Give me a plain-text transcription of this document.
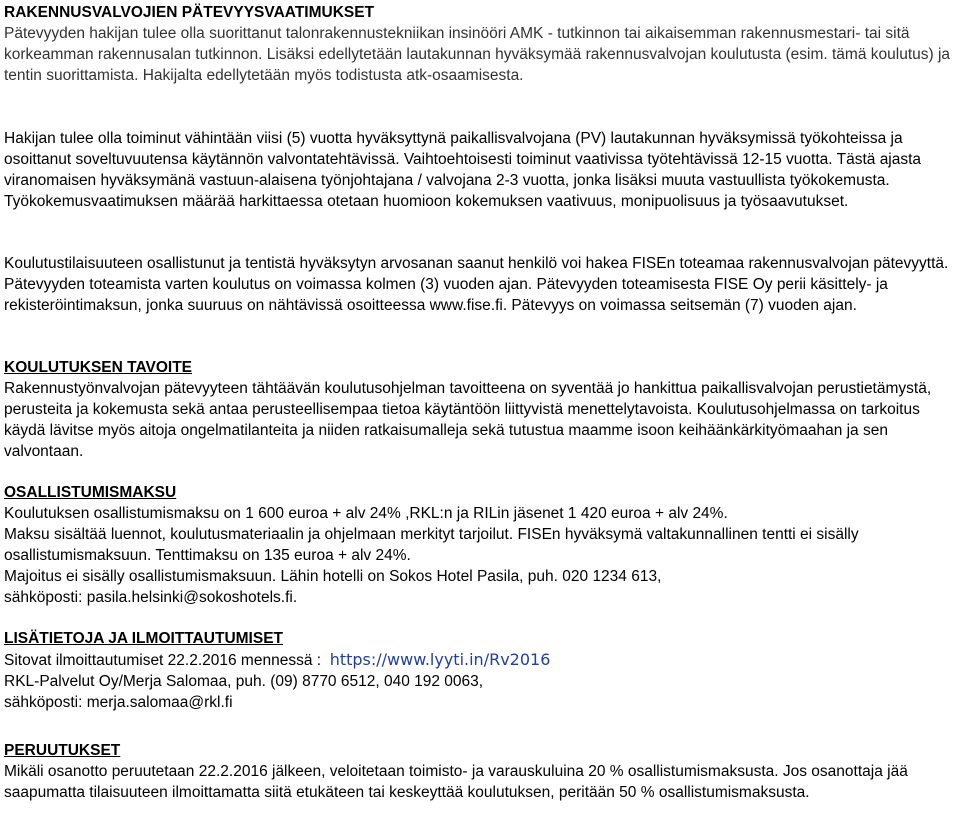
RAKENNUSVALVOJIEN PÄTEVYYSVAATIMUKSET

Pätevyyden hakijan tulee olla suorittanut talonrakennustekniikan insinööri AMK - tutkinnon tai aikaisemman rakennusmestari- tai sitä korkeamman rakennusalan tutkinnon. Lisäksi edellytetään lautakunnan hyväksymää rakennusvalvojan koulutusta (esim. tämä koulutus) ja tentin suorittamista. Hakijalta edellytetään myös todistusta atk-osaamisesta.

Hakijan tulee olla toiminut vähintään viisi (5) vuotta hyväksyttynä paikallisvalvojana (PV) lautakunnan hyväksymissä työkohteissa ja osoittanut soveltuvuutensa käytännön valvontatehtävissä. Vaihtoehtoisesti toiminut vaativissa työtehtävissä 12-15 vuotta. Tästä ajasta viranomaisen hyväksymänä vastuun-alaisena työnjohtajana / valvojana 2-3 vuotta, jonka lisäksi muuta vastuullista työkokemusta. Työkokemusvaatimuksen määrää harkittaessa otetaan huomioon kokemuksen vaativuus, monipuolisuus ja työsaavutukset.

Koulutustilaisuuteen osallistunut ja tentistä hyväksytyn arvosanan saanut henkilö voi hakea FISEn toteamaa rakennusvalvojan pätevyyttä. Pätevyyden toteamista varten koulutus on voimassa kolmen (3) vuoden ajan. Pätevyyden toteamisesta FISE Oy perii käsittely- ja rekisteröintimaksun, jonka suuruus on nähtävissä osoitteessa www.fise.fi. Pätevyys on voimassa seitsemän (7) vuoden ajan.

KOULUTUKSEN TAVOITE

Rakennustyönvalvojan pätevyyteen tähtäävän koulutusohjelman tavoitteena on syventää jo hankittua paikallisvalvojan perustietämystä, perusteita ja kokemusta sekä antaa perusteellisempaa tietoa käytäntöön liittyvistä menettelytavoista. Koulutusohjelmassa on tarkoitus käydä lävitse myös aitoja ongelmatilanteita ja niiden ratkaisumalleja sekä tutustua maamme isoon keihäänkärkityömaahan ja sen valvontaan.

OSALLISTUMISMAKSU

Koulutuksen osallistumismaksu on 1 600 euroa + alv 24% ,RKL:n ja RILin jäsenet 1 420 euroa + alv 24%.

Maksu sisältää luennot, koulutusmateriaalin ja ohjelmaan merkityt tarjoilut. FISEn hyväksymä valtakunnallinen tentti ei sisälly osallistumismaksuun. Tenttimaksu on 135 euroa + alv 24%.

Majoitus ei sisälly osallistumismaksuun. Lähin hotelli on Sokos Hotel Pasila, puh. 020 1234 613,

sähköposti: pasila.helsinki@sokoshotels.fi.

LISÄTIETOJA JA ILMOITTAUTUMISET

Sitovat ilmoittautumiset 22.2.2016 mennessä : https://www.lyyti.in/Rv2016

RKL-Palvelut Oy/Merja Salomaa, puh. (09) 8770 6512, 040 192 0063,

sähköposti: merja.salomaa@rkl.fi

PERUUTUKSET

Mikäli osanotto peruutetaan 22.2.2016 jälkeen, veloitetaan toimisto- ja varauskuluina 20 % osallistumismaksusta. Jos osanottaja jää saapumatta tilaisuuteen ilmoittamatta siitä etukäteen tai keskeyttää koulutuksen, peritään 50 % osallistumismaksusta.
